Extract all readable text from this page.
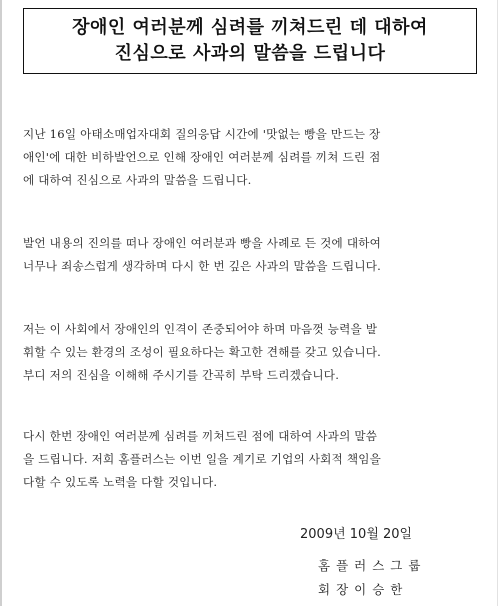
장애인 여러분께 심려를 끼쳐드린 데 대하여
진심으로 사과의 말씀을 드립니다
지난 16일 아태소매업자대회 질의응답 시간에 '맛없는 빵을 만드는 장
애인'에 대한 비하발언으로 인해 장애인 여러분께 심려를 끼쳐 드린 점
에 대하여 진심으로 사과의 말씀을 드립니다.
발언 내용의 진의를 떠나 장애인 여러분과 빵을 사례로 든 것에 대하여
너무나 죄송스럽게 생각하며 다시 한 번 깊은 사과의 말씀을 드립니다.
저는 이 사회에서 장애인의 인격이 존중되어야 하며 마음껏 능력을 발
휘할 수 있는 환경의 조성이 필요하다는 확고한 견해를 갖고 있습니다.
부디 저의 진심을 이해해 주시기를 간곡히 부탁 드리겠습니다.
다시 한번 장애인 여러분께 심려를 끼쳐드린 점에 대하여 사과의 말씀
을 드립니다. 저희 홈플러스는 이번 일을 계기로 기업의 사회적 책임을
다할 수 있도록 노력을 다할 것입니다.
2009년 10월 20일
홈플러스그룹
회장이승한
